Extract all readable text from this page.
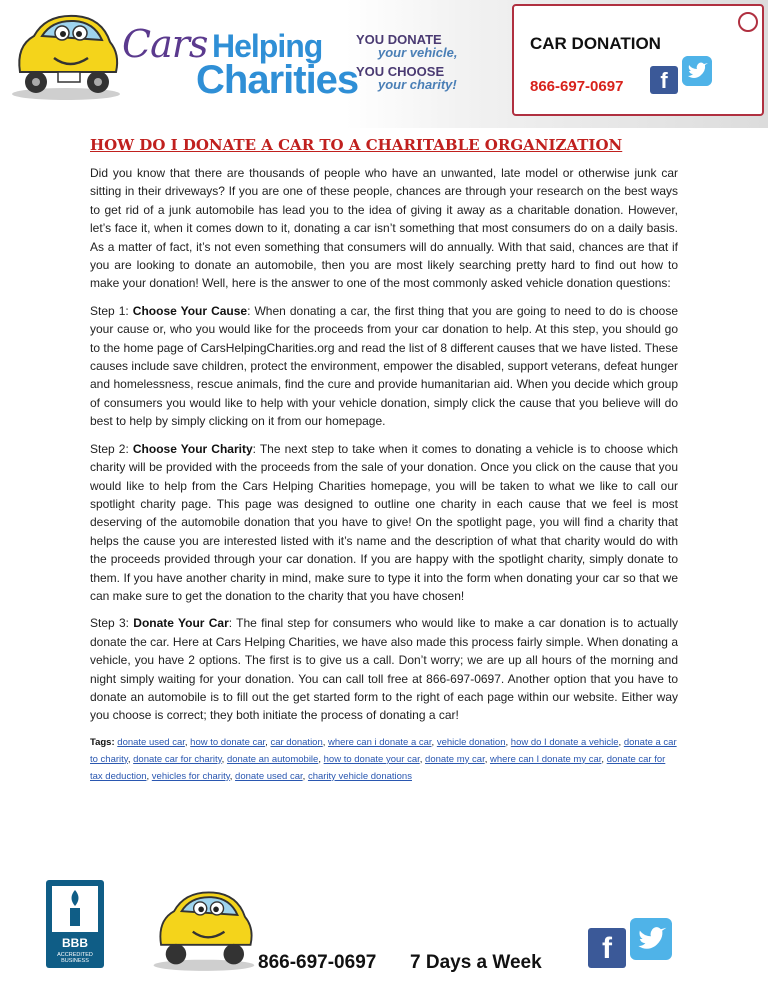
Cars Helping
Charities
YOU DONATE
your vehicle,
YOU CHOOSE
your charity!
CAR DONATION
866-697-0697	f
HOW DO I DONATE A CAR TO A CHARITABLE ORGANIZATION

Did you know that there are thousands of people who have an unwanted, late model or otherwise junk car sitting in their driveways? If you are one of these people, chances are through your research on the best ways to get rid of a junk automobile has lead you to the idea of giving it away as a charitable donation. However, let’s face it, when it comes down to it, donating a car isn’t something that most consumers do on a daily basis. As a matter of fact, it’s not even something that consumers will do annually. With that said, chances are that if you are looking to donate an automobile, then you are most likely searching pretty hard to find out how to make your donation! Well, here is the answer to one of the most commonly asked vehicle donation questions:

Step 1: Choose Your Cause: When donating a car, the first thing that you are going to need to do is choose your cause or, who you would like for the proceeds from your car donation to help. At this step, you should go to the home page of CarsHelpingCharities.org and read the list of 8 different causes that we have listed. These causes include save children, protect the environment, empower the disabled, support veterans, defeat hunger and homelessness, rescue animals, find the cure and provide humanitarian aid. When you decide which group of consumers you would like to help with your vehicle donation, simply click the cause that you believe will do best to help by simply clicking on it from our homepage.

Step 2: Choose Your Charity: The next step to take when it comes to donating a vehicle is to choose which charity will be provided with the proceeds from the sale of your donation. Once you click on the cause that you would like to help from the Cars Helping Charities homepage, you will be taken to what we like to call our spotlight charity page. This page was designed to outline one charity in each cause that we feel is most deserving of the automobile donation that you have to give! On the spotlight page, you will find a charity that helps the cause you are interested listed with it’s name and the description of what that charity would do with the proceeds provided through your car donation. If you are happy with the spotlight charity, simply donate to them. If you have another charity in mind, make sure to type it into the form when donating your car so that we can make sure to get the donation to the charity that you have chosen!

Step 3: Donate Your Car: The final step for consumers who would like to make a car donation is to actually donate the car. Here at Cars Helping Charities, we have also made this process fairly simple. When donating a vehicle, you have 2 options. The first is to give us a call. Don’t worry; we are up all hours of the morning and night simply waiting for your donation. You can call toll free at 866-697-0697. Another option that you have to donate an automobile is to fill out the get started form to the right of each page within our website. Either way you choose is correct; they both initiate the process of donating a car!

Tags: donate used car, how to donate car, car donation, where can i donate a car, vehicle donation, how do I donate a vehicle, donate a car to charity, donate car for charity, donate an automobile, how to donate your car, donate my car, where can I donate my car, donate car for tax deduction, vehicles for charity, donate used car, charity vehicle donations
BBB
ACCREDITED BUSINESS	866-697-0697 7 Days a Week	f
